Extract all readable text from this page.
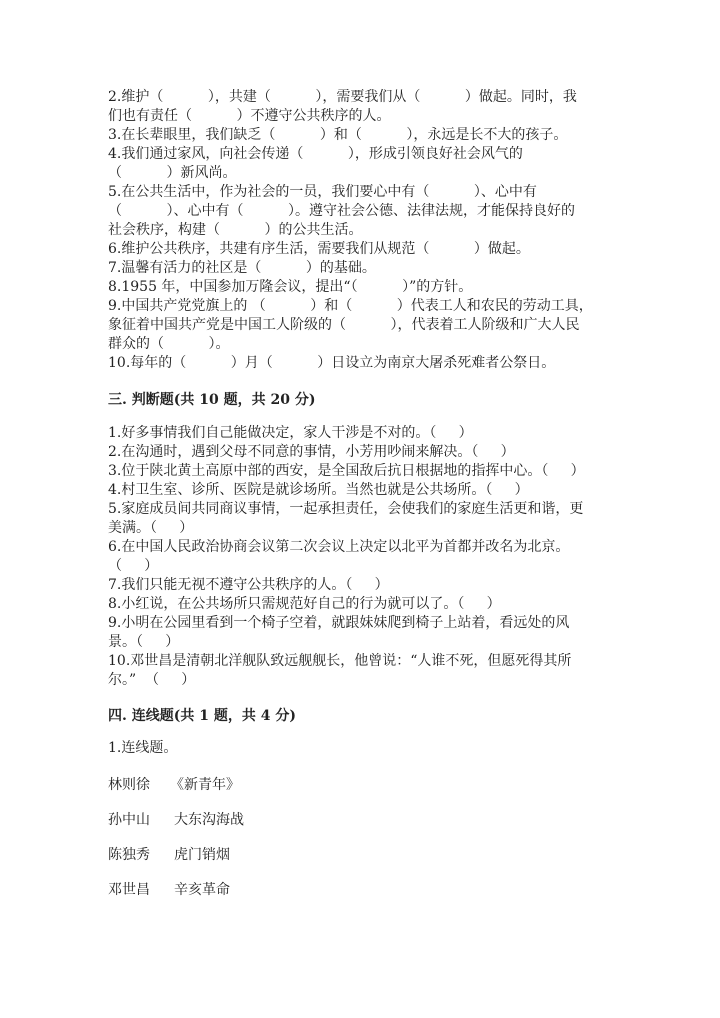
2.维护（          ），共建（          ），需要我们从（          ）做起。同时，我
们也有责任（          ）不遵守公共秩序的人。
3.在长辈眼里，我们缺乏（          ）和（          ），永远是长不大的孩子。
4.我们通过家风，向社会传递（          ），形成引领良好社会风气的
（          ）新风尚。
5.在公共生活中，作为社会的一员，我们要心中有（          ）、心中有
（          ）、心中有（          ）。遵守社会公德、法律法规，才能保持良好的
社会秩序，构建（          ）的公共生活。
6.维护公共秩序，共建有序生活，需要我们从规范（          ）做起。
7.温馨有活力的社区是（          ）的基础。
8.1955 年，中国参加万隆会议，提出“（          ）”的方针。
9.中国共产党党旗上的 （          ）和（          ）代表工人和农民的劳动工具，
象征着中国共产党是中国工人阶级的（          ），代表着工人阶级和广大人民
群众的（          ）。
10.每年的（          ）月（          ）日设立为南京大屠杀死难者公祭日。
三. 判断题(共 10 题，共 20 分)
1.好多事情我们自己能做决定，家人干涉是不对的。（     ）
2.在沟通时，遇到父母不同意的事情，小芳用吵闹来解决。（     ）
3.位于陕北黄土高原中部的西安，是全国敌后抗日根据地的指挥中心。（     ）
4.村卫生室、诊所、医院是就诊场所。当然也就是公共场所。（     ）
5.家庭成员间共同商议事情，一起承担责任，会使我们的家庭生活更和谐，更
美满。（     ）
6.在中国人民政治协商会议第二次会议上决定以北平为首都并改名为北京。
（     ）
7.我们只能无视不遵守公共秩序的人。（     ）
8.小红说，在公共场所只需规范好自己的行为就可以了。（     ）
9.小明在公园里看到一个椅子空着，就跟妹妹爬到椅子上站着，看远处的风
景。（     ）
10.邓世昌是清朝北洋舰队致远舰舰长，他曾说：“人谁不死，但愿死得其所
尔。”  （     ）
四. 连线题(共 1 题，共 4 分)
1.连线题。
林则徐 《新青年》
孙中山 大东沟海战
陈独秀 虎门销烟
邓世昌 辛亥革命
